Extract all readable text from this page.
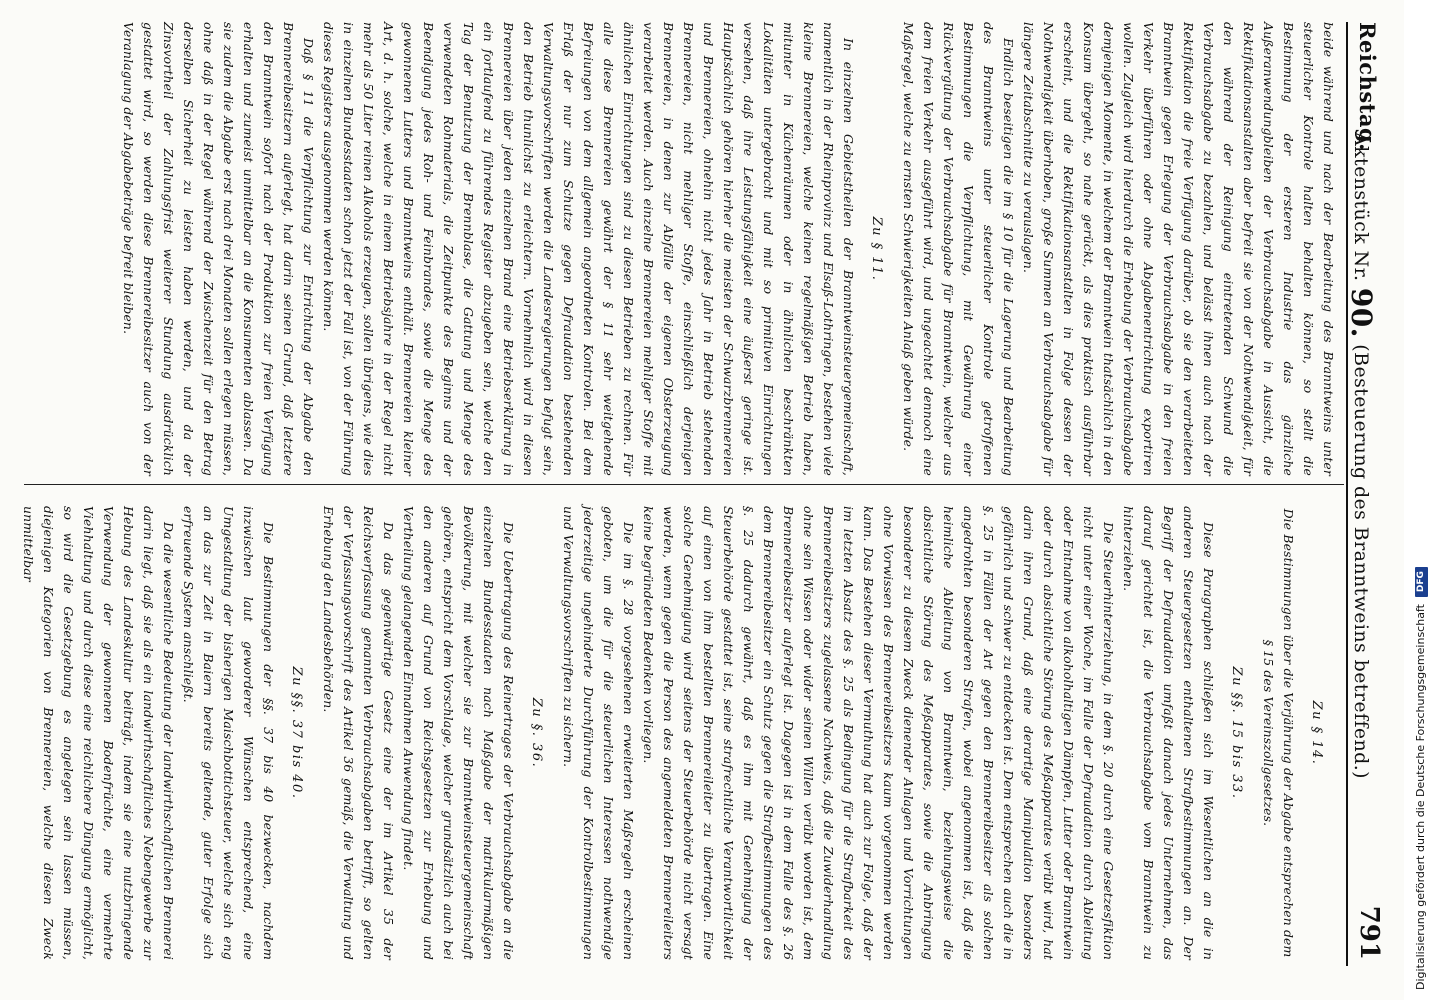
Reichstag.
Aktenstück Nr. 90. (Besteuerung des Branntweins betreffend.)
791

beide während und nach der Bearbeitung des Branntweins unter steuerlicher Kontrole halten behalten können, so stellt die Bestimmung der ersteren Industrie das gänzliche Außeranwendungbleiben der Verbrauchsabgabe in Aussicht, die Rektifikationsanstalten aber befreit sie von der Nothwendigkeit, für den während der Reinigung eintretenden Schwund die Verbrauchsabgabe zu bezahlen, und belässt ihnen auch nach der Rektifikation die freie Verfügung darüber, ob sie den verarbeiteten Branntwein gegen Erlegung der Verbrauchsabgabe in den freien Verkehr überführen oder ohne Abgabenentrichtung exportiren wollen. Zugleich wird hierdurch die Erhebung der Verbrauchsabgabe demjenigen Momente, in welchem der Branntwein thatsächlich in den Konsum übergeht, so nahe gerückt, als dies praktisch ausführbar erscheint, und die Rektifikationsanstalten in Folge dessen der Nothwendigkeit überhoben, große Summen an Verbrauchsabgabe für längere Zeitabschnitte zu verauslagen.

Endlich beseitigen die im § 10 für die Lagerung und Bearbeitung des Branntweins unter steuerlicher Kontrole getroffenen Bestimmungen die Verpflichtung, mit Gewährung einer Rückvergütung der Verbrauchsabgabe für Branntwein, welcher aus dem freien Verkehr ausgeführt wird, und ungeachtet dennoch eine Maßregel, welche zu ernsten Schwierigkeiten Anlaß geben würde.

Zu § 11.

In einzelnen Gebietstheilen der Branntweinsteuergemeinschaft, namentlich in der Rheinprovinz und Elsaß-Lothringen, bestehen viele kleine Brennereien, welche keinen regelmäßigen Betrieb haben, mitunter in Küchenräumen oder in ähnlichen beschränkten Lokalitäten untergebracht und mit so primitiven Einrichtungen versehen, daß ihre Leistungsfähigkeit eine äußerst geringe ist. Hauptsächlich gehören hierher die meisten der Schwarzbrennereien und Brennereien, ohnehin nicht jedes Jahr in Betrieb stehenden Brennereien, nicht mehliger Stoffe, einschließlich derjenigen Brennereien, in denen zur Abfälle der eigenen Obsterzeugung verarbeitet werden. Auch einzelne Brennereien mehliger Stoffe mit ähnlichen Einrichtungen sind zu diesen Betrieben zu rechnen. Für alle diese Brennereien gewährt der § 11 sehr weitgehende Befreiungen von dem allgemein angeordneten Kontrolen. Bei dem Erlaß der nur zum Schutze gegen Defraudation bestehenden Verwaltungsvorschriften werden die Landesregierungen befugt sein, den Betrieb thunlichst zu erleichtern. Vornehmlich wird in diesen Brennereien über jeden einzelnen Brand eine Betriebserklärung in ein fortlaufend zu führendes Register abzugeben sein, welche den Tag der Benutzung der Brennblase, die Gattung und Menge des verwendeten Rohmaterials, die Zeitpunkte des Beginns und der Beendigung jedes Roh- und Feinbrandes, sowie die Menge des gewonnenen Lutters und Branntweins enthält. Brennereien kleiner Art, d. h. solche, welche in einem Betriebsjahre in der Regel nicht mehr als 50 Liter reinen Alkohols erzeugen, sollen übrigens, wie dies in einzelnen Bundesstaaten schon jetzt der Fall ist, von der Führung dieses Registers ausgenommen werden können.

Daß § 11 die Verpflichtung zur Entrichtung der Abgabe den Brennereibesitzern auferlegt, hat darin seinen Grund, daß letztere den Branntwein sofort nach der Produktion zur freien Verfügung erhalten und zumeist unmittelbar an die Konsumenten ablassen. Da sie zudem die Abgabe erst nach drei Monaten sollen erlegen müssen, ohne daß in der Regel während der Zwischenzeit für den Betrag derselben Sicherheit zu leisten haben werden, und da der Zinsvortheil der Zahlungsfrist weiterer Stundung ausdrücklich gestattet wird, so werden diese Brennereibesitzer auch von der Veranlagung der Abgabebeträge befreit bleiben.

Zu § 14.

Die Bestimmungen über die Verjährung der Abgabe entsprechen dem § 15 des Vereinszollgesetzes.

Zu §§. 15 bis 33.

Diese Paragraphen schließen sich im Wesentlichen an die in anderen Steuergesetzen enthaltenen Strafbestimmungen an. Der Begriff der Defraudation umfaßt danach jedes Unternehmen, das darauf gerichtet ist, die Verbrauchsabgabe vom Branntwein zu hinterziehen.

Die Steuerhinterziehung, in dem §. 20 durch eine Gesetzesfiktion nicht unter einer Woche, im Falle der Defraudation durch Ableitung oder Entnahme von alkoholhaltigen Dämpfen, Lutter oder Branntwein oder durch absichtliche Störung des Meßapparates verübt wird, hat darin ihren Grund, daß eine derartige Manipulation besonders gefährlich und schwer zu entdecken ist. Dem entsprechen auch die in §. 25 in Fällen der Art gegen den Brennereibesitzer als solchen angedrohten besonderen Strafen, wobei angenommen ist, daß die heimliche Ableitung von Branntwein, beziehungsweise die absichtliche Störung des Meßapparates, sowie die Anbringung besonderer zu diesem Zweck dienender Anlagen und Vorrichtungen ohne Vorwissen des Brennereibesitzers kaum vorgenommen werden kann. Das Bestehen dieser Vermuthung hat auch zur Folge, daß der im letzten Absatz des §. 25 als Bedingung für die Strafbarkeit des Brennereibesitzers zugelassene Nachweis, daß die Zuwiderhandlung ohne sein Wissen oder wider seinen Willen verübt worden ist, dem Brennereibesitzer auferlegt ist. Dagegen ist in dem Falle des §. 26 dem Brennereibesitzer ein Schutz gegen die Strafbestimmungen des §. 25 dadurch gewährt, daß es ihm mit Genehmigung der Steuerbehörde gestattet ist, seine strafrechtliche Verantwortlichkeit auf einen von ihm bestellten Brennereileiter zu übertragen. Eine solche Genehmigung wird seitens der Steuerbehörde nicht versagt werden, wenn gegen die Person des angemeldeten Brennereileiters keine begründeten Bedenken vorliegen.

Die im §. 28 vorgesehenen erweiterten Maßregeln erscheinen geboten, um die für die steuerlichen Interessen nothwendige jederzeitige ungehinderte Durchführung der Kontrolbestimmungen und Verwaltungsvorschriften zu sichern.

Zu §. 36.

Die Uebertragung des Reinertrages der Verbrauchsabgabe an die einzelnen Bundesstaaten nach Maßgabe der matrikularmäßigen Bevölkerung, mit welcher sie zur Branntweinsteuergemeinschaft gehören, entspricht dem Vorschlage, welcher grundsätzlich auch bei den anderen auf Grund von Reichsgesetzen zur Erhebung und Vertheilung gelangenden Einnahmen Anwendung findet.

Da das gegenwärtige Gesetz eine der im Artikel 35 der Reichsverfassung genannten Verbrauchsabgaben betrifft, so gelten der Verfassungsvorschrift des Artikel 36 gemäß, die Verwaltung und Erhebung den Landesbehörden.

Zu §§. 37 bis 40.

Die Bestimmungen der §§. 37 bis 40 bezwecken, nachdem inzwischen laut geworderer Wünschen entsprechend, eine Umgestaltung der bisherigen Maischbottichsteuer, welche sich eng an das zur Zeit in Baiern bereits geltende, guter Erfolge sich erfreuende System anschließt.

Da die wesentliche Bedeutung der landwirthschaftlichen Brennerei darin liegt, daß sie als ein landwirthschaftliches Nebengewerbe zur Hebung des Landeskultur beiträgt, indem sie eine nutzbringende Verwendung der gewonnenen Bodenfrüchte, eine vermehrte Viehhaltung und durch diese eine reichlichere Düngung ermöglicht, so wird die Gesetzgebung es angelegen sein lassen müssen, diejenigen Kategorien von Brennereien, welche diesen Zweck unmittelbar

Digitalisierung gefördert durch die Deutsche Forschungsgemeinschaft DFG
